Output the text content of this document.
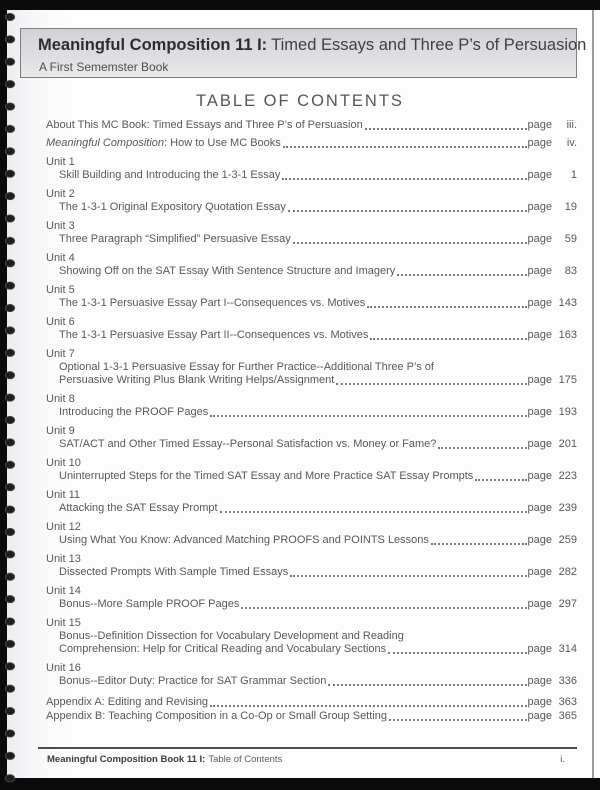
Meaningful Composition 11 I: Timed Essays and Three P’s of Persuasion
A First Sememster Book
TABLE OF CONTENTS
About This MC Book: Timed Essays and Three P’s of Persuasion	page	iii.
Meaningful Composition : How to Use MC Books	page	iv.
Unit 1
Skill Building and Introducing the 1-3-1 Essay	page	1
Unit 2
The 1-3-1 Original Expository Quotation Essay	page	19
Unit 3
Three Paragraph “Simplified” Persuasive Essay	page	59
Unit 4
Showing Off on the SAT Essay With Sentence Structure and Imagery	page	83
Unit 5
The 1-3-1 Persuasive Essay Part I--Consequences vs. Motives	page 143
Unit 6
The 1-3-1 Persuasive Essay Part II--Consequences vs. Motives	page 163
Unit 7
Optional 1-3-1 Persuasive Essay for Further Practice--Additional Three P’s of
Persuasive Writing Plus Blank Writing Helps/Assignment	page 175
Unit 8
Introducing the PROOF Pages	page 193
Unit 9
SAT/ACT and Other Timed Essay--Personal Satisfaction vs. Money or Fame?	page 201
Unit 10
Uninterrupted Steps for the Timed SAT Essay and More Practice SAT Essay Prompts	page 223
Unit 11
Attacking the SAT Essay Prompt	page 239
Unit 12
Using What You Know: Advanced Matching PROOFS and POINTS Lessons	page 259
Unit 13
Dissected Prompts With Sample Timed Essays	page 282
Unit 14
Bonus--More Sample PROOF Pages	page 297
Unit 15
Bonus--Definition Dissection for Vocabulary Development and Reading
Comprehension: Help for Critical Reading and Vocabulary Sections	page 314
Unit 16
Bonus--Editor Duty: Practice for SAT Grammar Section	page 336
Appendix A: Editing and Revising	page 363
Appendix B: Teaching Composition in a Co-Op or Small Group Setting	page 365
Meaningful Composition Book 11 I: Table of Contents	i.
